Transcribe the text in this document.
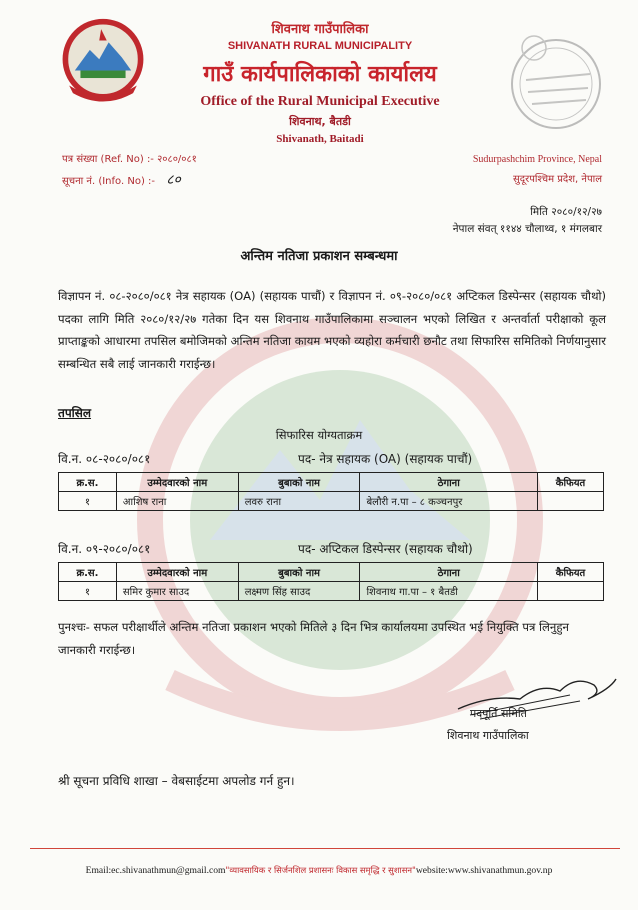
शिवनाथ गाउँपालिका
SHIVANATH RURAL MUNICIPALITY
गाउँ कार्यपालिकाको कार्यालय
Office of the Rural Municipal Executive
शिवनाथ, बैतडी
Shivanath, Baitadi
पत्र संख्या (Ref. No) :- २०८०/०८१
सूचना नं. (Info. No) :- ८०
Sudurpashchim Province, Nepal
सुदूरपश्चिम प्रदेश, नेपाल
मिति २०८०/१२/२७
नेपाल संवत् ११४४ चौलाथ्व, १ मंगलबार
अन्तिम नतिजा प्रकाशन सम्बन्धमा
विज्ञापन नं. ०८-२०८०/०८१ नेत्र सहायक (OA) (सहायक पाचौं) र विज्ञापन नं. ०९-२०८०/०८१ अप्टिकल डिस्पेन्सर (सहायक चौथो) पदका लागि मिति २०८०/१२/२७ गतेका दिन यस शिवनाथ गाउँपालिकामा सञ्चालन भएको लिखित र अन्तर्वार्ता परीक्षाको कूल प्राप्ताङ्कको आधारमा तपसिल बमोजिमको अन्तिम नतिजा कायम भएको व्यहोरा कर्मचारी छनौट तथा सिफारिस समितिको निर्णयानुसार सम्बन्धित सबै लाई जानकारी गराईन्छ।
तपसिल
सिफारिस योग्यताक्रम
वि.न. ०८-२०८०/०८१	पद- नेत्र सहायक (OA) (सहायक पाचौं)
क्र.स.	उम्मेदवारको नाम	बुबाको नाम	ठेगाना	कैफियत
१	आशिष राना	लवरु राना	बेलौरी न.पा – ८ कञ्चनपुर	
वि.न. ०९-२०८०/०८१	पद- अप्टिकल डिस्पेन्सर (सहायक चौथो)
क्र.स.	उम्मेदवारको नाम	बुबाको नाम	ठेगाना	कैफियत
१	समिर कुमार साउद	लक्ष्मण सिंह साउद	शिवनाथ गा.पा – १ बैतडी	
पुनश्चः- सफल परीक्षार्थीले अन्तिम नतिजा प्रकाशन भएको मितिले ३ दिन भित्र कार्यालयमा उपस्थित भई नियुक्ति पत्र लिनुहुन जानकारी गराईन्छ।
पदपूर्ति समिति
शिवनाथ गाउँपालिका
श्री सूचना प्रविधि शाखा – वेबसाईटमा अपलोड गर्न हुन।
Email:ec.shivanathmun@gmail.com"व्यावसायिक र सिर्जनशिल प्रशासनः विकास समृद्धि र सुशासन"website:www.shivanathmun.gov.np
